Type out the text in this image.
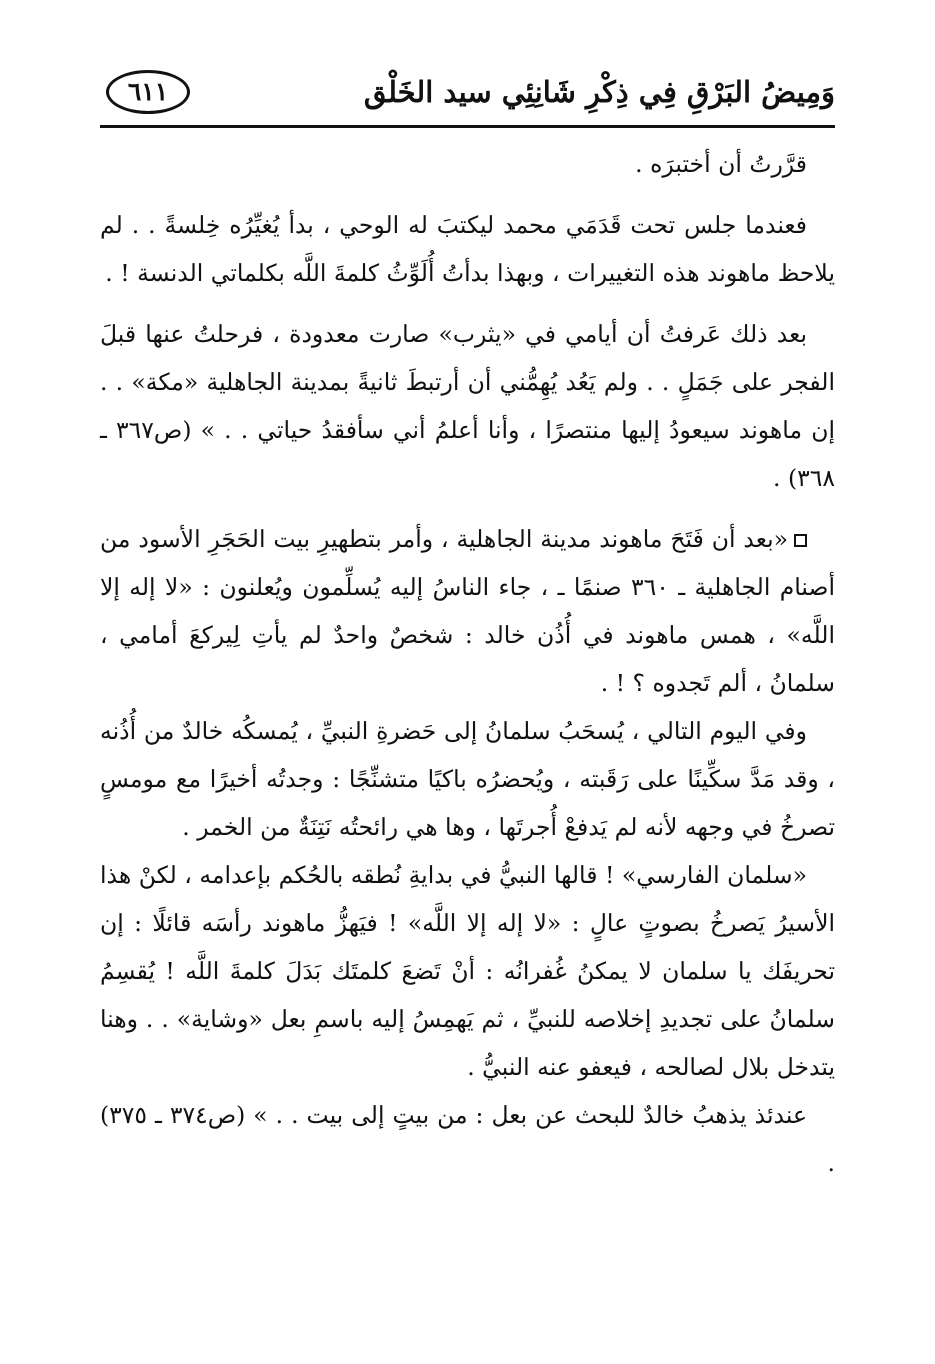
وَمِيضُ البَرْقِ فِي ذِكْرِ شَانِئِي سيد الخَلْق
٦١١

قرَّرتُ أن أختبرَه .

فعندما جلس تحت قَدَمَي محمد ليكتبَ له الوحي ، بدأ يُغيِّرُه خِلسةً . . لم يلاحظ ماهوند هذه التغييرات ، وبهذا بدأتُ أُلَوِّثُ كلمةَ اللَّه بكلماتي الدنسة ! .

بعد ذلك عَرفتُ أن أيامي في «يثرب» صارت معدودة ، فرحلتُ عنها قبلَ الفجر على جَمَلٍ . . ولم يَعُد يُهِمُّني أن أرتبطَ ثانيةً بمدينة الجاهلية «مكة» . . إن ماهوند سيعودُ إليها منتصرًا ، وأنا أعلمُ أني سأفقدُ حياتي . . » (ص٣٦٧ ـ ٣٦٨) .

«بعد أن فَتَحَ ماهوند مدينة الجاهلية ، وأمر بتطهيرِ بيت الحَجَرِ الأسود من أصنام الجاهلية ـ ٣٦٠ صنمًا ـ ، جاء الناسُ إليه يُسلِّمون ويُعلنون : «لا إله إلا اللَّه» ، همس ماهوند في أُذُن خالد : شخصٌ واحدٌ لم يأتِ لِيركعَ أمامي ، سلمانُ ، ألم تَجدوه ؟ ! .

وفي اليوم التالي ، يُسحَبُ سلمانُ إلى حَضرةِ النبيِّ ، يُمسكُه خالدٌ من أُذُنه ، وقد مَدَّ سكِّينًا على رَقَبته ، ويُحضرُه باكيًا متشنِّجًا : وجدتُه أخيرًا مع مومسٍ تصرخُ في وجهه لأنه لم يَدفعْ أُجرتَها ، وها هي رائحتُه نَتِنَةٌ من الخمر .

«سلمان الفارسي» ! قالها النبيُّ في بدايةِ نُطقه بالحُكم بإعدامه ، لكنْ هذا الأسيرُ يَصرخُ بصوتٍ عالٍ : «لا إله إلا اللَّه» ! فيَهزُّ ماهوند رأسَه قائلًا : إن تحريفَك يا سلمان لا يمكنُ غُفرانُه : أنْ تَضعَ كلمتَك بَدَلَ كلمةَ اللَّه ! يُقسِمُ سلمانُ على تجديدِ إخلاصه للنبيِّ ، ثم يَهمِسُ إليه باسمِ بعل «وشاية» . . وهنا يتدخل بلال لصالحه ، فيعفو عنه النبيُّ .

عندئذ يذهبُ خالدٌ للبحث عن بعل : من بيتٍ إلى بيت . . » (ص٣٧٤ ـ ٣٧٥) .
